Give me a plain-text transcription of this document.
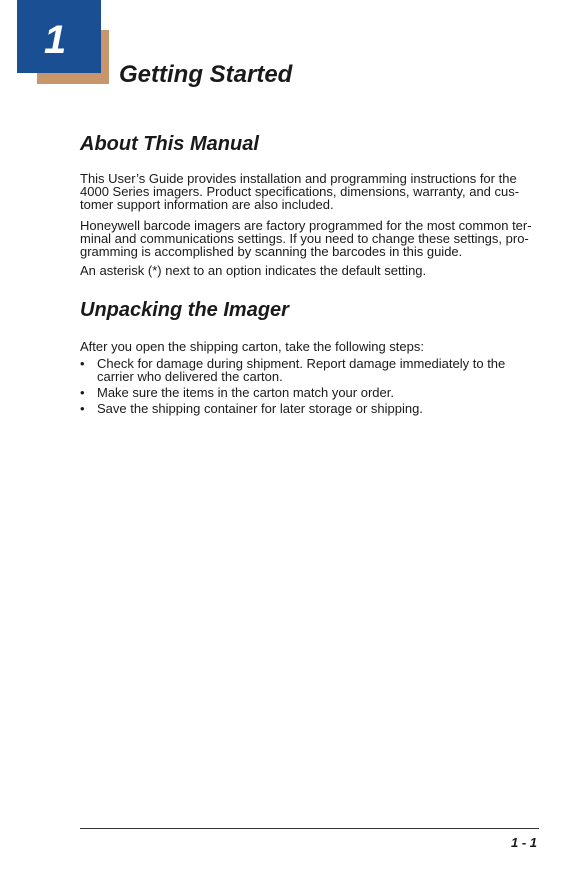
1
Getting Started
About This Manual

This User’s Guide provides installation and programming instructions for the
4000 Series imagers. Product specifications, dimensions, warranty, and cus-
tomer support information are also included.

Honeywell barcode imagers are factory programmed for the most common ter-
minal and communications settings. If you need to change these settings, pro-
gramming is accomplished by scanning the barcodes in this guide.

An asterisk (*) next to an option indicates the default setting.

Unpacking the Imager

After you open the shipping carton, take the following steps:

• Check for damage during shipment. Report damage immediately to the
carrier who delivered the carton.
• Make sure the items in the carton match your order.
• Save the shipping container for later storage or shipping.
1 - 1
